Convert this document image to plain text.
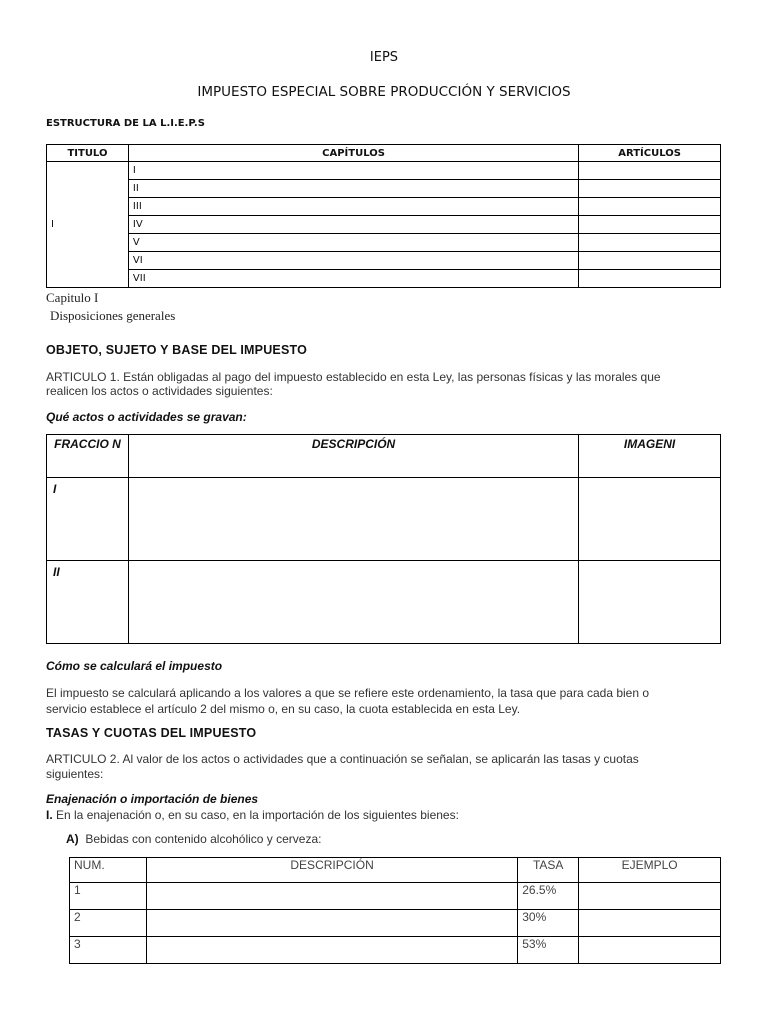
IEPS
IMPUESTO ESPECIAL SOBRE PRODUCCIÓN Y SERVICIOS
ESTRUCTURA DE LA L.I.E.P.S
TITULO	CAPÍTULOS	ARTÍCULOS
I	I	
	II	
	III	
	IV	
	V	
	VI	
	VII	
Capitulo I
Disposiciones generales
OBJETO, SUJETO Y BASE DEL IMPUESTO
ARTICULO 1. Están obligadas al pago del impuesto establecido en esta Ley, las personas físicas y las morales que
realicen los actos o actividades siguientes:
Qué actos o actividades se gravan:
FRACCIO N	DESCRIPCIÓN	IMAGENI
I		
II		
Cómo se calculará el impuesto
El impuesto se calculará aplicando a los valores a que se refiere este ordenamiento, la tasa que para cada bien o
servicio establece el artículo 2 del mismo o, en su caso, la cuota establecida en esta Ley.
TASAS Y CUOTAS DEL IMPUESTO
ARTICULO 2. Al valor de los actos o actividades que a continuación se señalan, se aplicarán las tasas y cuotas
siguientes:
Enajenación o importación de bienes
I. En la enajenación o, en su caso, en la importación de los siguientes bienes:
A) Bebidas con contenido alcohólico y cerveza:
NUM.	DESCRIPCIÓN	TASA	EJEMPLO
1		26.5%	
2		30%	
3		53%	
